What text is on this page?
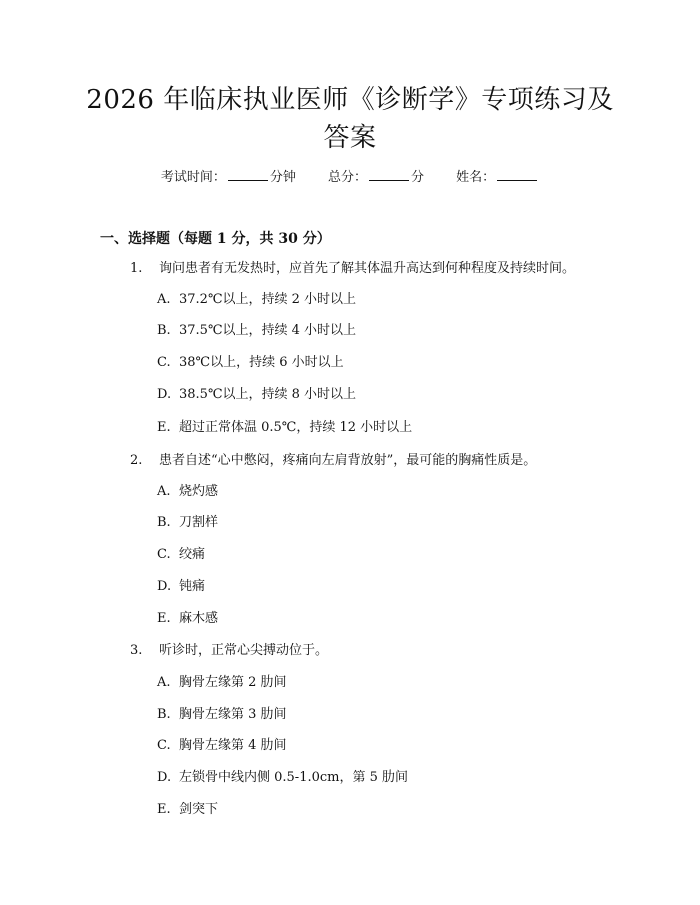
2026 年临床执业医师《诊断学》专项练习及
答案
考试时间：	分钟 总分：	分 姓名：
一、选择题（每题 1 分，共 30 分）
1. 询问患者有无发热时，应首先了解其体温升高达到何种程度及持续时间。
A. 37.2℃以上，持续 2 小时以上
B. 37.5℃以上，持续 4 小时以上
C. 38℃以上，持续 6 小时以上
D. 38.5℃以上，持续 8 小时以上
E. 超过正常体温 0.5℃，持续 12 小时以上
2. 患者自述“心中憋闷，疼痛向左肩背放射”，最可能的胸痛性质是。
A. 烧灼感
B. 刀割样
C. 绞痛
D. 钝痛
E. 麻木感
3. 听诊时，正常心尖搏动位于。
A. 胸骨左缘第 2 肋间
B. 胸骨左缘第 3 肋间
C. 胸骨左缘第 4 肋间
D. 左锁骨中线内侧 0.5-1.0cm，第 5 肋间
E. 剑突下
